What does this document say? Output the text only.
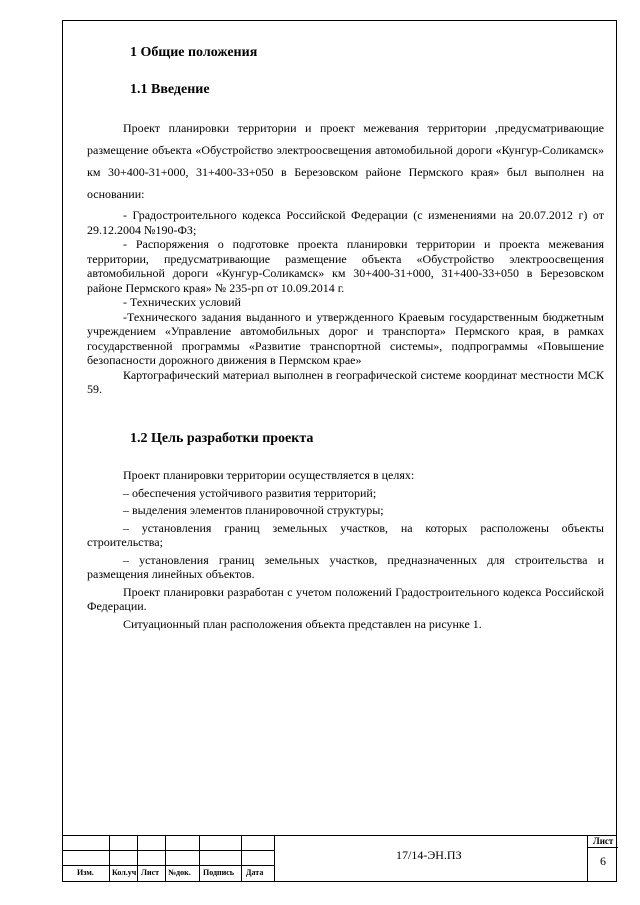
1 Общие положения
1.1 Введение

Проект планировки территории и проект межевания территории ,предусматривающие размещение объекта «Обустройство электроосвещения автомобильной дороги «Кунгур-Соликамск» км 30+400-31+000, 31+400-33+050 в Березовском районе Пермского края» был выполнен на основании:

- Градостроительного кодекса Российской Федерации (с изменениями на 20.07.2012 г) от 29.12.2004 №190-ФЗ;

- Распоряжения о подготовке проекта планировки территории и проекта межевания территории, предусматривающие размещение объекта «Обустройство электроосвещения автомобильной дороги «Кунгур-Соликамск» км 30+400-31+000, 31+400-33+050 в Березовском районе Пермского края» № 235-рп от 10.09.2014 г.

- Технических условий

-Технического задания выданного и утвержденного Краевым государственным бюджетным учреждением «Управление автомобильных дорог и транспорта» Пермского края, в рамках государственной программы «Развитие транспортной системы», подпрограммы «Повышение безопасности дорожного движения в Пермском крае»

Картографический материал выполнен в географической системе координат местности МСК 59.

1.2 Цель разработки проекта

Проект планировки территории осуществляется в целях:

– обеспечения устойчивого развития территорий;

– выделения элементов планировочной структуры;

– установления границ земельных участков, на которых расположены объекты строительства;

– установления границ земельных участков, предназначенных для строительства и размещения линейных объектов.

Проект планировки разработан с учетом положений Градостроительного кодекса Российской Федерации.

Ситуационный план расположения объекта представлен на рисунке 1.

Изм. Кол.уч Лист №док. Подпись Дата
17/14-ЭН.ПЗ
Лист
6
